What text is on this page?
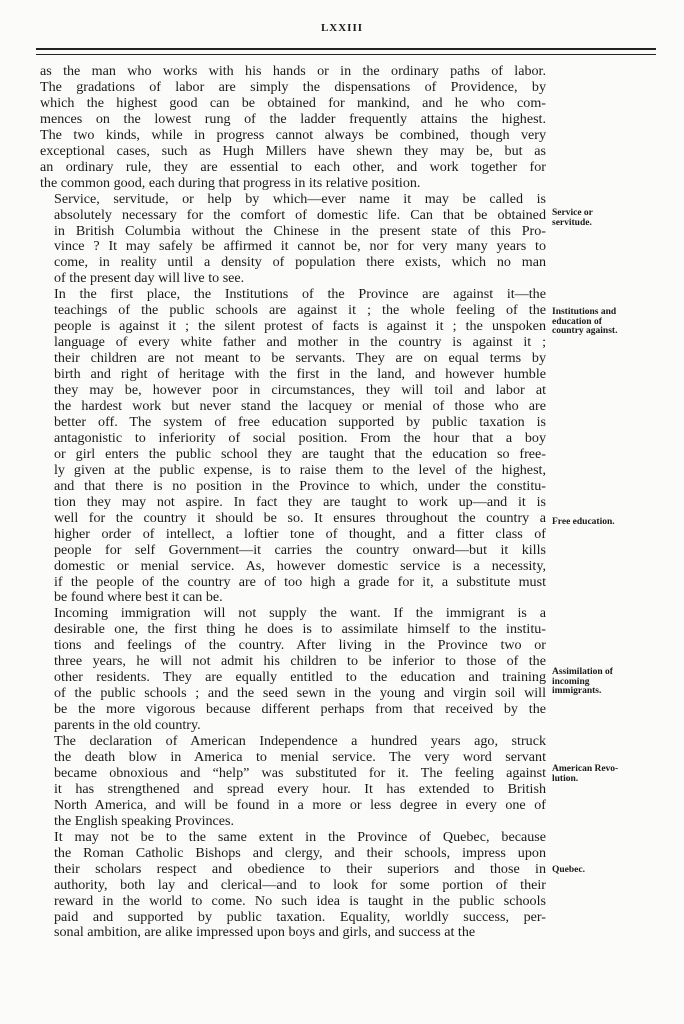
LXXIII

as the man who works with his hands or in the ordinary paths of labor.
The gradations of labor are simply the dispensations of Providence, by
which the highest good can be obtained for mankind, and he who com-
mences on the lowest rung of the ladder frequently attains the highest.
The two kinds, while in progress cannot always be combined, though very
exceptional cases, such as Hugh Millers have shewn they may be, but as
an ordinary rule, they are essential to each other, and work together for
the common good, each during that progress in its relative position.

Service, servitude, or help by which—ever name it may be called is
absolutely necessary for the comfort of domestic life. Can that be obtained
in British Columbia without the Chinese in the present state of this Pro-
vince ? It may safely be affirmed it cannot be, nor for very many years to
come, in reality until a density of population there exists, which no man
of the present day will live to see.

In the first place, the Institutions of the Province are against it—the
teachings of the public schools are against it ; the whole feeling of the
people is against it ; the silent protest of facts is against it ; the unspoken
language of every white father and mother in the country is against it ;
their children are not meant to be servants. They are on equal terms by
birth and right of heritage with the first in the land, and however humble
they may be, however poor in circumstances, they will toil and labor at
the hardest work but never stand the lacquey or menial of those who are
better off. The system of free education supported by public taxation is
antagonistic to inferiority of social position. From the hour that a boy
or girl enters the public school they are taught that the education so free-
ly given at the public expense, is to raise them to the level of the highest,
and that there is no position in the Province to which, under the constitu-
tion they may not aspire. In fact they are taught to work up—and it is
well for the country it should be so. It ensures throughout the country a
higher order of intellect, a loftier tone of thought, and a fitter class of
people for self Government—it carries the country onward—but it kills
domestic or menial service. As, however domestic service is a necessity,
if the people of the country are of too high a grade for it, a substitute must
be found where best it can be.

Incoming immigration will not supply the want. If the immigrant is a
desirable one, the first thing he does is to assimilate himself to the institu-
tions and feelings of the country. After living in the Province two or
three years, he will not admit his children to be inferior to those of the
other residents. They are equally entitled to the education and training
of the public schools ; and the seed sewn in the young and virgin soil will
be the more vigorous because different perhaps from that received by the
parents in the old country.

The declaration of American Independence a hundred years ago, struck
the death blow in America to menial service. The very word servant
became obnoxious and “help” was substituted for it. The feeling against
it has strengthened and spread every hour. It has extended to British
North America, and will be found in a more or less degree in every one of
the English speaking Provinces.

It may not be to the same extent in the Province of Quebec, because
the Roman Catholic Bishops and clergy, and their schools, impress upon
their scholars respect and obedience to their superiors and those in
authority, both lay and clerical—and to look for some portion of their
reward in the world to come. No such idea is taught in the public schools
paid and supported by public taxation. Equality, worldly success, per-
sonal ambition, are alike impressed upon boys and girls, and success at the

Service or
servitude.
Institutions and
education of
country against.
Free education.
Assimilation of
incoming
immigrants.
American Revo-
lution.
Quebec.
